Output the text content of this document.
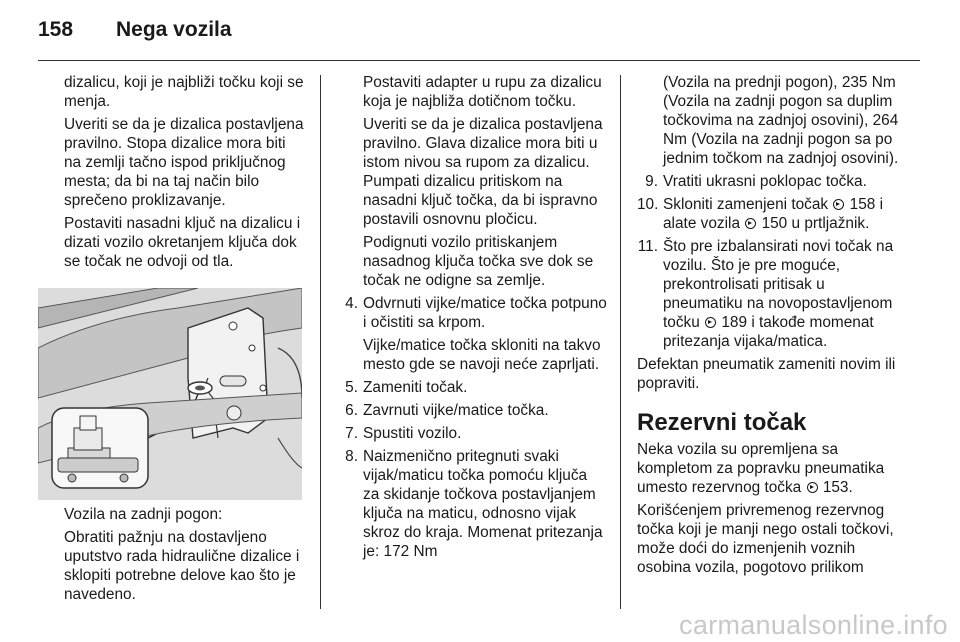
158 Nega vozila

dizalicu, koji je najbliži točku koji se menja.

Uveriti se da je dizalica postavljena pravilno. Stopa dizalice mora biti na zemlji tačno ispod priključnog mesta; da bi na taj način bilo sprečeno proklizavanje.

Postaviti nasadni ključ na dizalicu i dizati vozilo okretanjem ključa dok se točak ne odvoji od tla.

Vozila na zadnji pogon:

Obratiti pažnju na dostavljeno uputstvo rada hidraulične dizalice i sklopiti potrebne delove kao što je navedeno.

Postaviti adapter u rupu za dizalicu koja je najbliža dotičnom točku.

Uveriti se da je dizalica postavljena pravilno. Glava dizalice mora biti u istom nivou sa rupom za dizalicu. Pumpati dizalicu pritiskom na nasadni ključ točka, da bi ispravno postavili osnovnu pločicu.

Podignuti vozilo pritiskanjem nasadnog ključa točka sve dok se točak ne odigne sa zemlje.

4. Odvrnuti vijke/matice točka potpuno i očistiti sa krpom.

Vijke/matice točka skloniti na takvo mesto gde se navoji neće zaprljati.

5. Zameniti točak.
6. Zavrnuti vijke/matice točka.
7. Spustiti vozilo.
8. Naizmenično pritegnuti svaki vijak/maticu točka pomoću ključa za skidanje točkova postavljanjem ključa na maticu, odnosno vijak skroz do kraja. Momenat pritezanja je: 172 Nm

(Vozila na prednji pogon), 235 Nm (Vozila na zadnji pogon sa duplim točkovima na zadnjoj osovini), 264 Nm (Vozila na zadnji pogon sa po jednim točkom na zadnjoj osovini).

9. Vratiti ukrasni poklopac točka.
10. Skloniti zamenjeni točak 158 i alate vozila 150 u prtljažnik.
11. Što pre izbalansirati novi točak na vozilu. Što je pre moguće, prekontrolisati pritisak u pneumatiku na novopostavljenom točku 189 i takođe momenat pritezanja vijaka/matica.

Defektan pneumatik zameniti novim ili popraviti.

Rezervni točak

Neka vozila su opremljena sa kompletom za popravku pneumatika umesto rezervnog točka 153.

Korišćenjem privremenog rezervnog točka koji je manji nego ostali točkovi, može doći do izmenjenih voznih osobina vozila, pogotovo prilikom

carmanualsonline.info
